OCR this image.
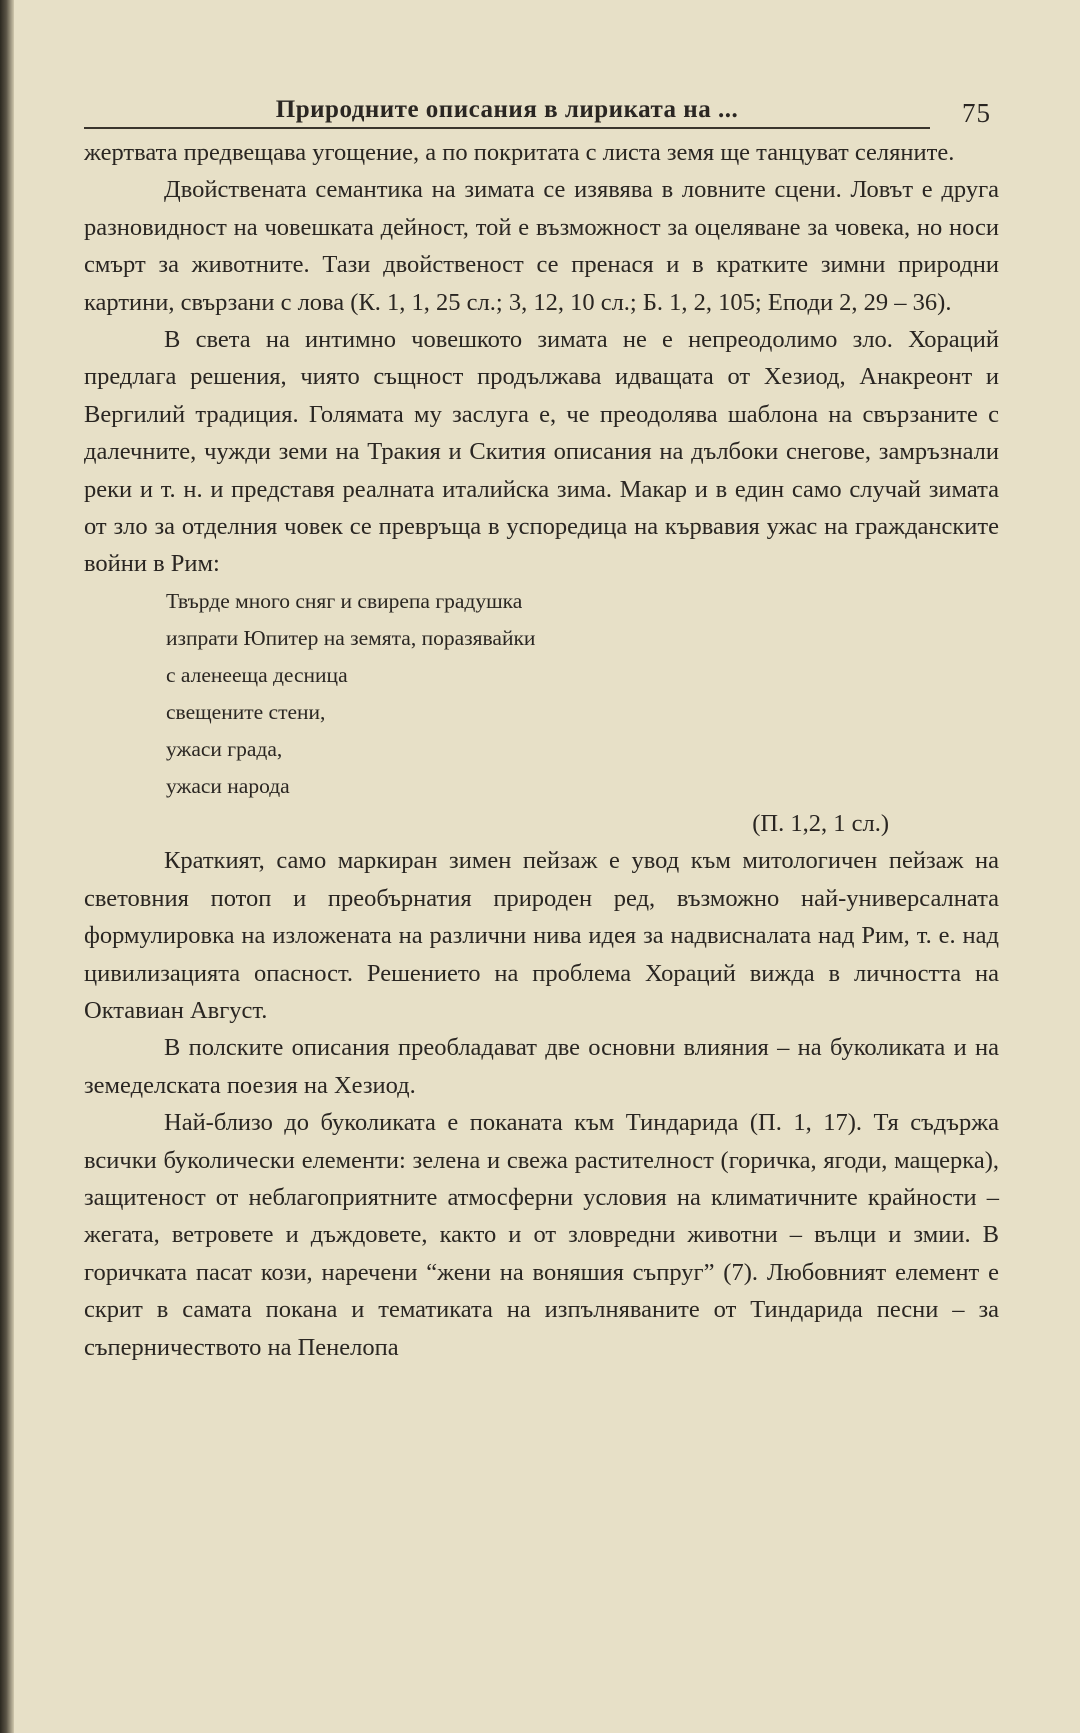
Природните описания в лириката на ...	75

жертвата предвещава угощение, а по покритата с листа земя ще танцуват селяните.

Двойствената семантика на зимата се изявява в ловните сцени. Ловът е друга разновидност на човешката дейност, той е възможност за оцеляване за човека, но носи смърт за животните. Тази двойственост се пренася и в кратките зимни природни картини, свързани с лова (К. 1, 1, 25 сл.; 3, 12, 10 сл.; Б. 1, 2, 105; Еподи 2, 29 – 36).

В света на интимно човешкото зимата не е непреодолимо зло. Хораций предлага решения, чиято същност продължава идващата от Хезиод, Анакреонт и Вергилий традиция. Голямата му заслуга е, че преодолява шаблона на свързаните с далечните, чужди земи на Тракия и Скития описания на дълбоки снегове, замръзнали реки и т. н. и представя реалната италийска зима. Макар и в един само случай зимата от зло за отделния човек се превръща в успоредица на кървавия ужас на гражданските войни в Рим:

Твърде много сняг и свирепа градушка
изпрати Юпитер на земята, поразявайки
с аленееща десница
свещените стени,
ужаси града,
ужаси народа
(П. 1,2, 1 сл.)

Краткият, само маркиран зимен пейзаж е увод към митологичен пейзаж на световния потоп и преобърнатия природен ред, възможно най-универсалната формулировка на изложената на различни нива идея за надвисналата над Рим, т. е. над цивилизацията опасност. Решението на проблема Хораций вижда в личността на Октавиан Август.

В полските описания преобладават две основни влияния – на буколиката и на земеделската поезия на Хезиод.

Най-близо до буколиката е поканата към Тиндарида (П. 1, 17). Тя съдържа всички буколически елементи: зелена и свежа растителност (горичка, ягоди, мащерка), защитеност от неблагоприятните атмосферни условия на климатичните крайности – жегата, ветровете и дъждовете, както и от зловредни животни – вълци и змии. В горичката пасат кози, наречени “жени на воняшия съпруг” (7). Любовният елемент е скрит в самата покана и тематиката на изпълняваните от Тиндарида песни – за съперничеството на Пенелопа
